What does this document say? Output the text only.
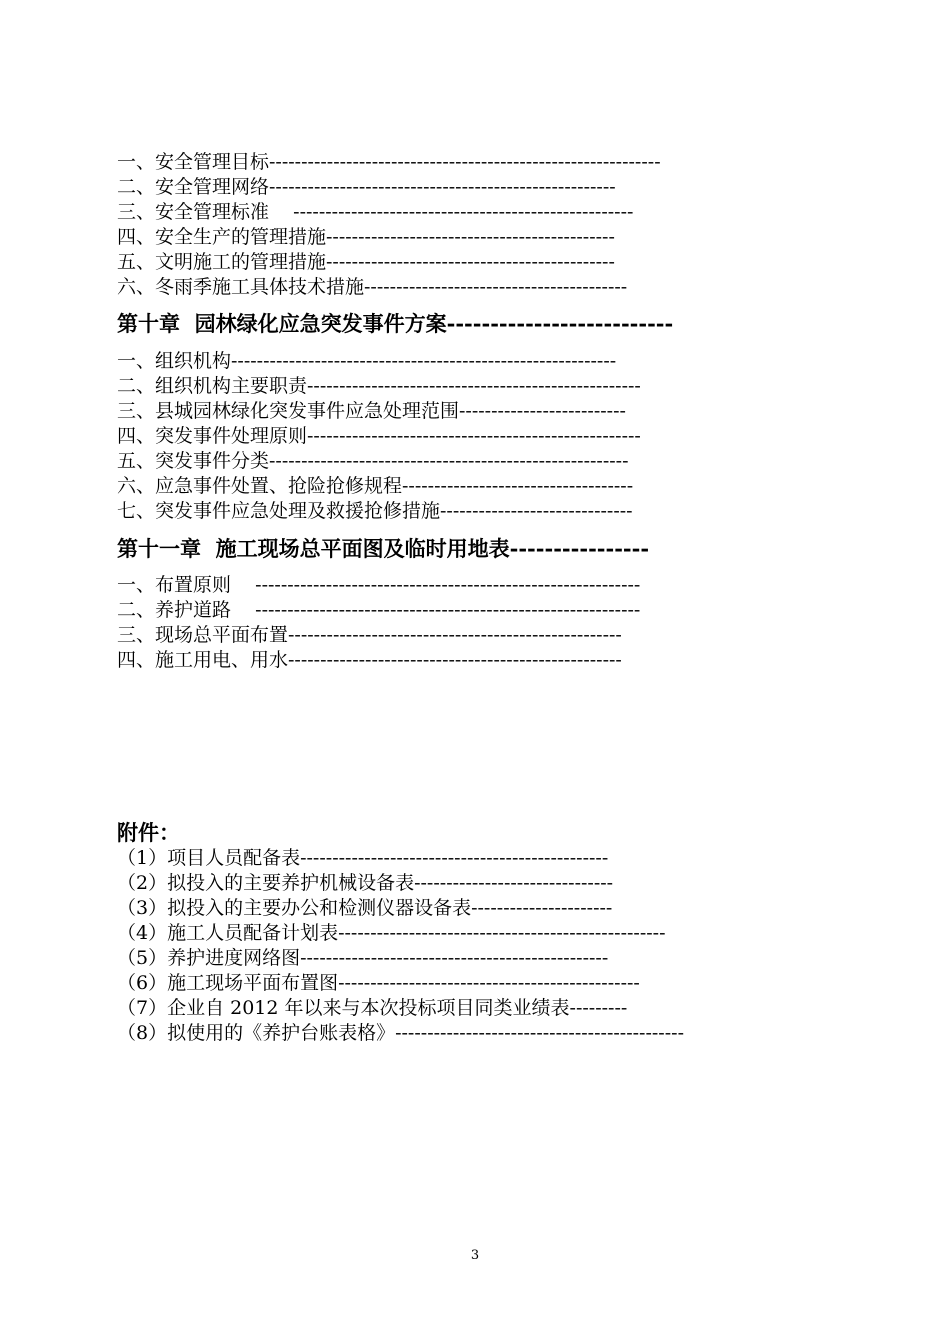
一、安全管理目标-------------------------------------------------------------
二、安全管理网络------------------------------------------------------
三、安全管理标准    -----------------------------------------------------
四、安全生产的管理措施---------------------------------------------
五、文明施工的管理措施---------------------------------------------
六、冬雨季施工具体技术措施-----------------------------------------
第十章  园林绿化应急突发事件方案--------------------------
一、组织机构------------------------------------------------------------
二、组织机构主要职责----------------------------------------------------
三、县城园林绿化突发事件应急处理范围--------------------------
四、突发事件处理原则----------------------------------------------------
五、突发事件分类--------------------------------------------------------
六、应急事件处置、抢险抢修规程------------------------------------
七、突发事件应急处理及救援抢修措施------------------------------
第十一章  施工现场总平面图及临时用地表----------------
一、布置原则    ------------------------------------------------------------
二、养护道路    ------------------------------------------------------------
三、现场总平面布置----------------------------------------------------
四、施工用电、用水----------------------------------------------------
附件：
（1）项目人员配备表------------------------------------------------
（2）拟投入的主要养护机械设备表-------------------------------
（3）拟投入的主要办公和检测仪器设备表----------------------
（4）施工人员配备计划表---------------------------------------------------
（5）养护进度网络图------------------------------------------------
（6）施工现场平面布置图-----------------------------------------------
（7）企业自 2012 年以来与本次投标项目同类业绩表---------
（8）拟使用的《养护台账表格》---------------------------------------------
3
